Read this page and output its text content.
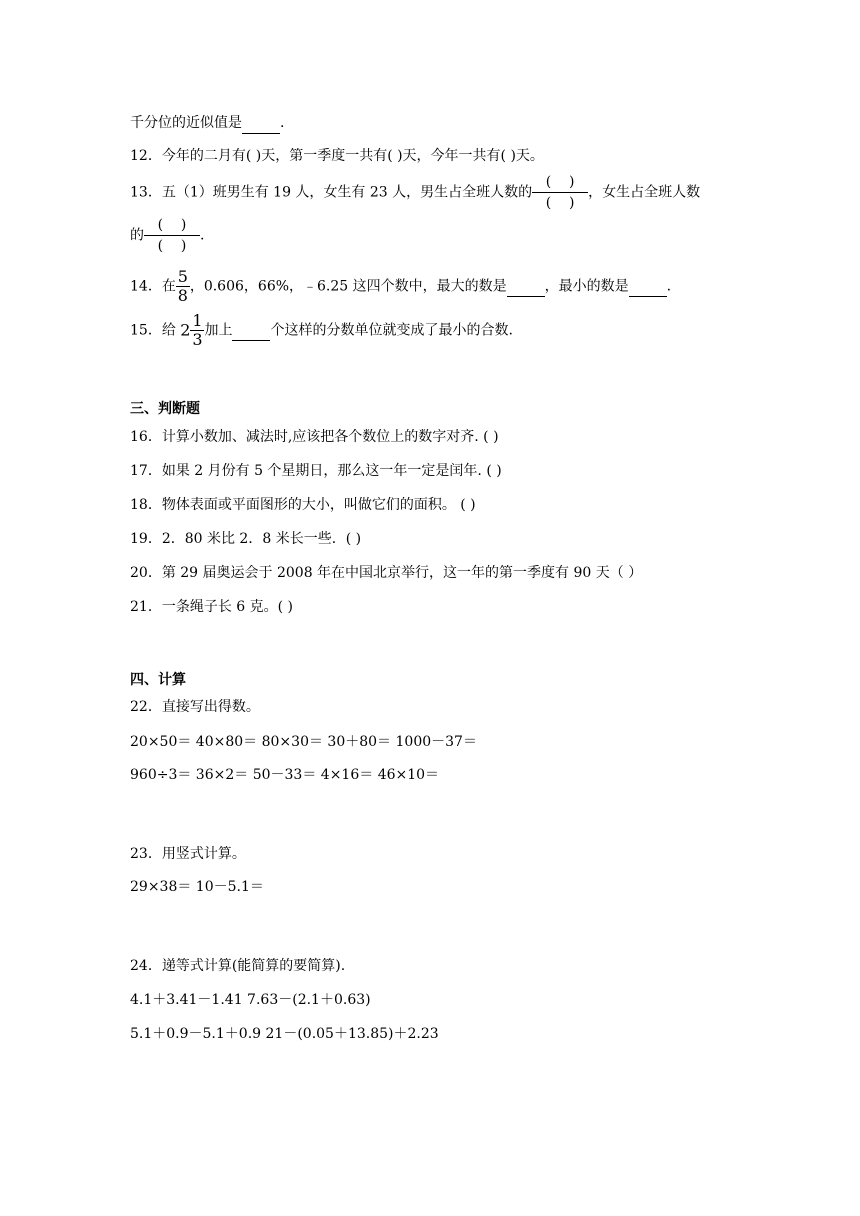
千分位的近似值是	.
12．今年的二月有( )天，第一季度一共有( )天，今年一共有( )天。
13．五（1）班男生有 19 人，女生有 23 人，男生占全班人数的 $\frac{( )}{( )}$ ，女生占全班人数
的 $\frac{( )}{( )}$ .
14．在 $\frac{5}{8}$ ，0.606，66%，﹣6.25 这四个数中，最大的数是	，最小的数是	.
15．给 $2 \frac{1}{3}$ 加上	个这样的分数单位就变成了最小的合数.
三、判断题
16．计算小数加、减法时,应该把各个数位上的数字对齐. ( )
17．如果 2 月份有 5 个星期日，那么这一年一定是闰年. ( )
18．物体表面或平面图形的大小，叫做它们的面积。 ( )
19．2．80 米比 2．8 米长一些．( )
20．第 29 届奥运会于 2008 年在中国北京举行，这一年的第一季度有 90 天（ ）
21．一条绳子长 6 克。( )
四、计算
22．直接写出得数。
20×50＝ 40×80＝ 80×30＝ 30＋80＝ 1000－37＝
960÷3＝ 36×2＝ 50－33＝ 4×16＝ 46×10＝
23．用竖式计算。
29×38＝ 10－5.1＝
24．递等式计算(能简算的要简算).
4.1＋3.41－1.41 7.63－(2.1＋0.63)
5.1＋0.9－5.1＋0.9 21－(0.05＋13.85)＋2.23
